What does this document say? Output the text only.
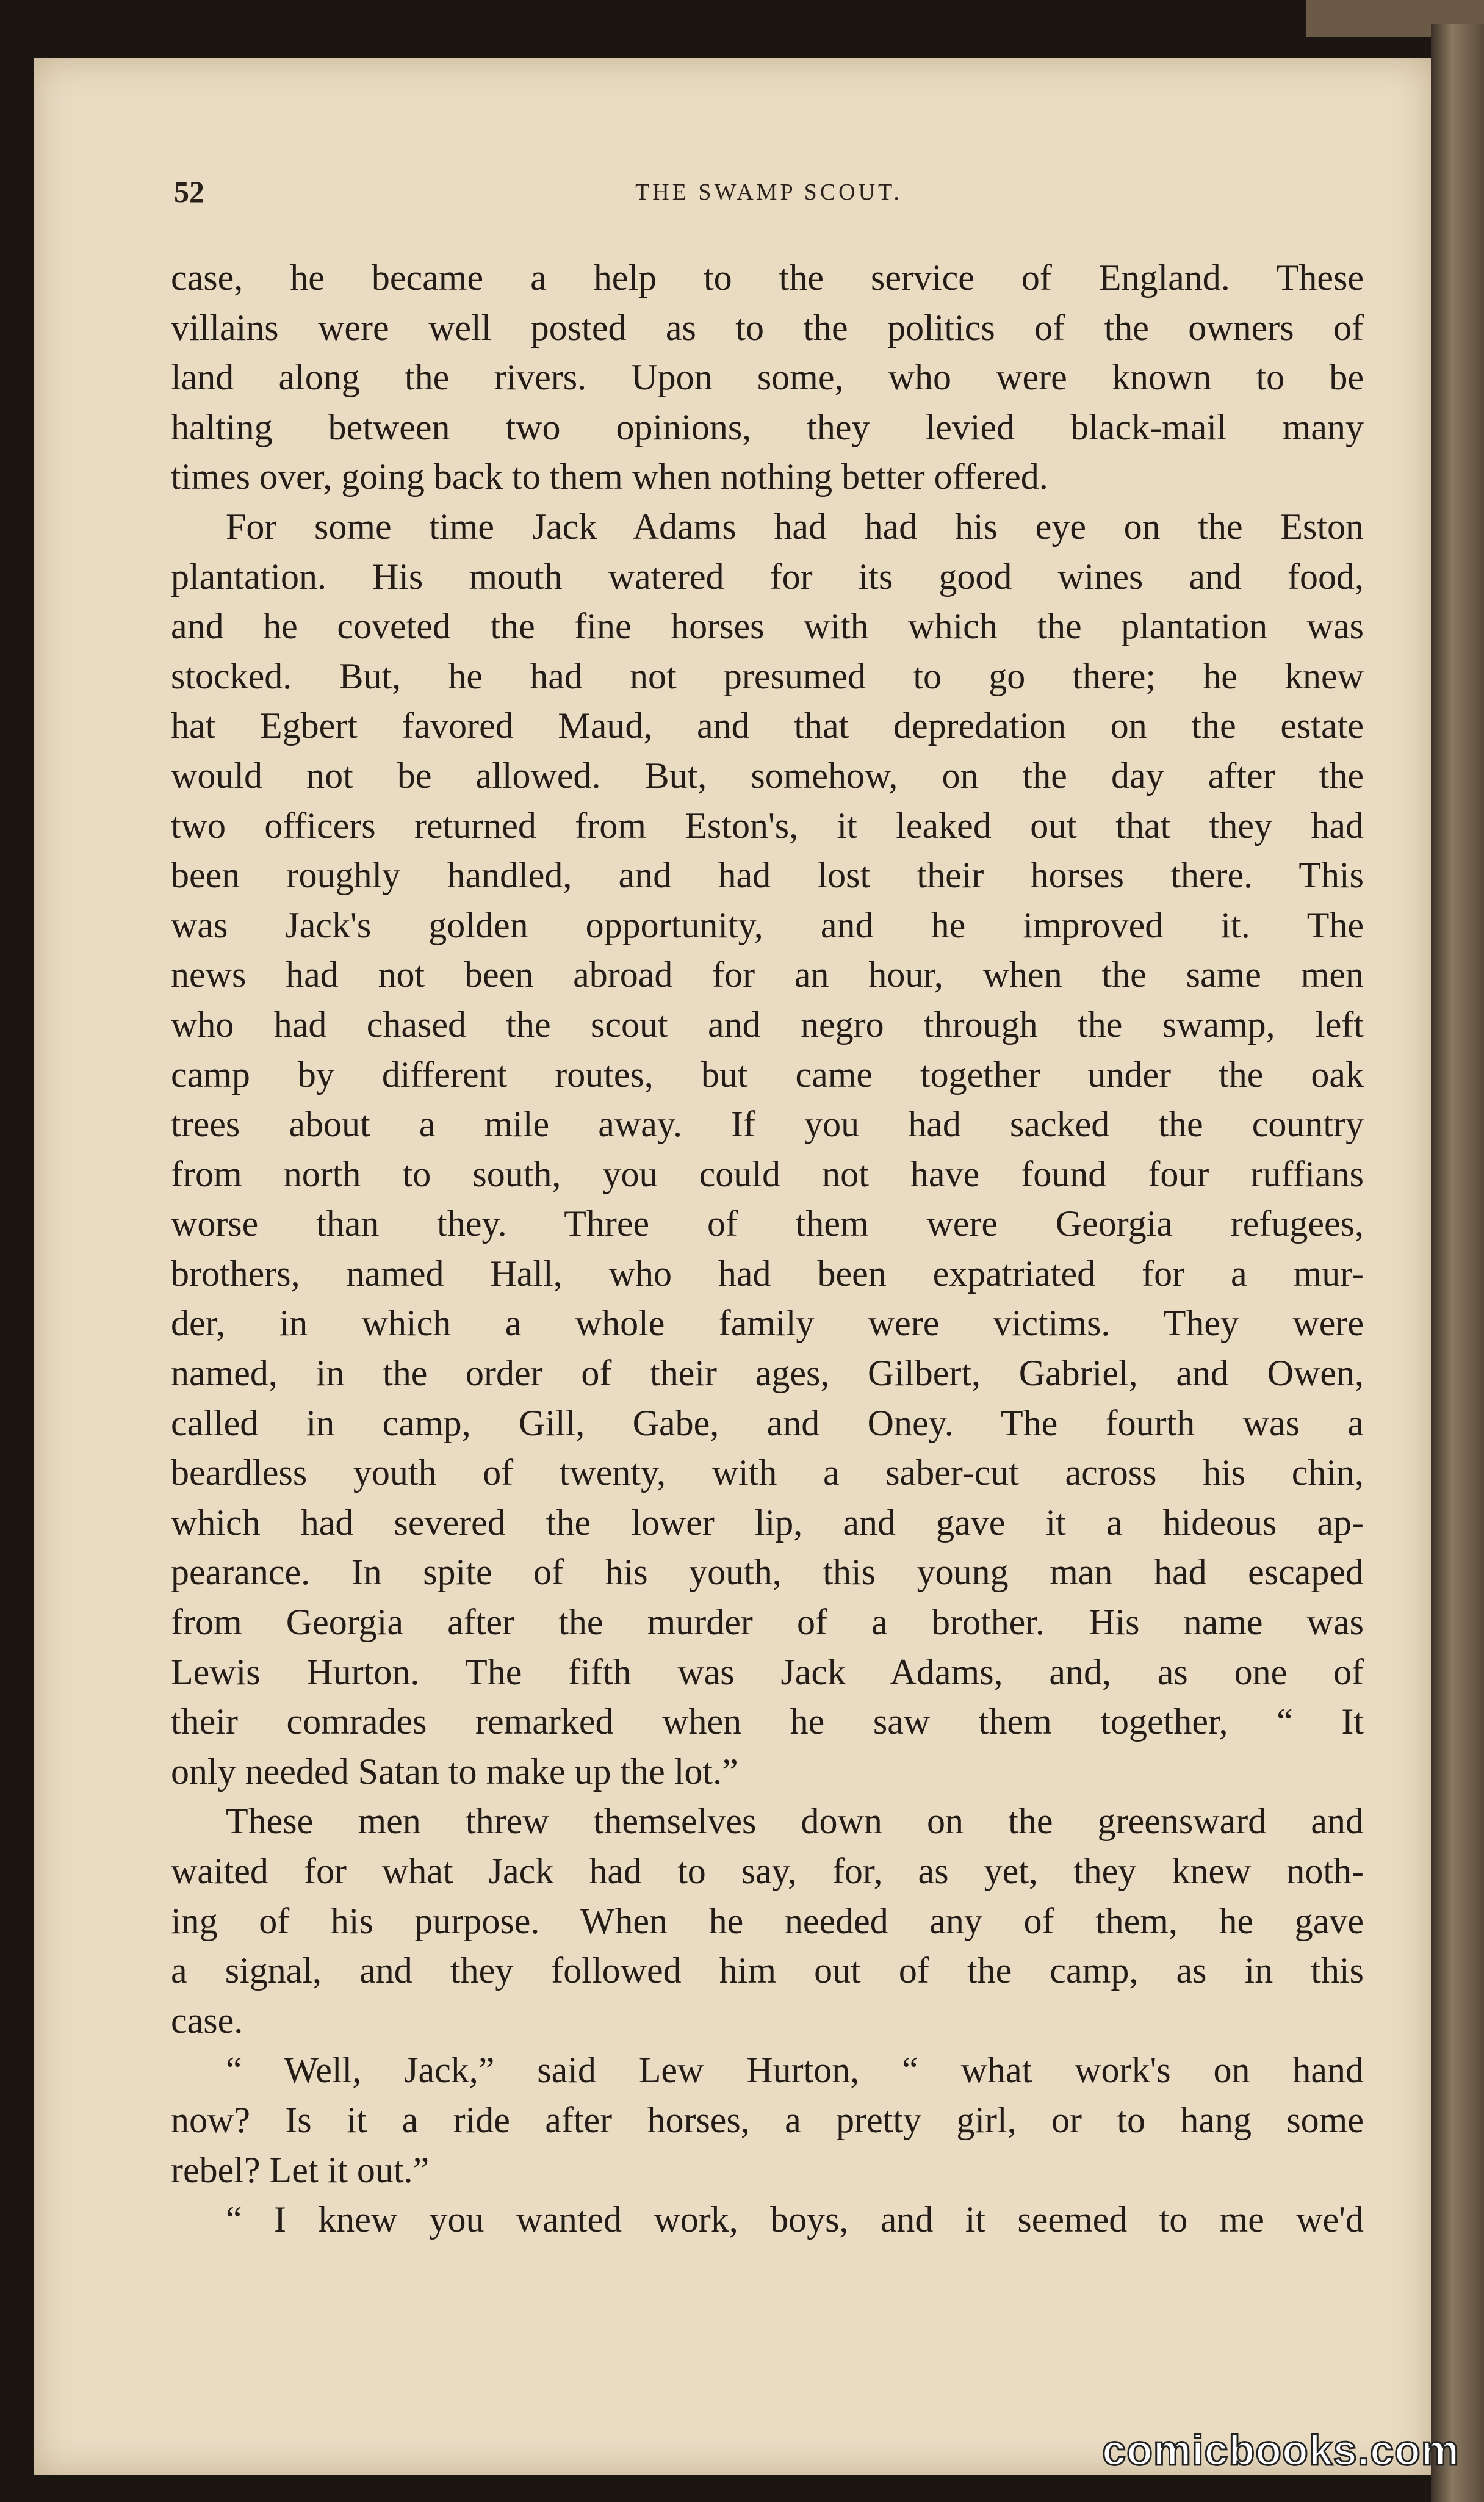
52	THE SWAMP SCOUT.
case, he became a help to the service of England. These
villains were well posted as to the politics of the owners of
land along the rivers. Upon some, who were known to be
halting between two opinions, they levied black-mail many
times over, going back to them when nothing better offered.
For some time Jack Adams had had his eye on the Eston
plantation. His mouth watered for its good wines and food,
and he coveted the fine horses with which the plantation was
stocked. But, he had not presumed to go there; he knew
hat Egbert favored Maud, and that depredation on the estate
would not be allowed. But, somehow, on the day after the
two officers returned from Eston's, it leaked out that they had
been roughly handled, and had lost their horses there. This
was Jack's golden opportunity, and he improved it. The
news had not been abroad for an hour, when the same men
who had chased the scout and negro through the swamp, left
camp by different routes, but came together under the oak
trees about a mile away. If you had sacked the country
from north to south, you could not have found four ruffians
worse than they. Three of them were Georgia refugees,
brothers, named Hall, who had been expatriated for a mur-
der, in which a whole family were victims. They were
named, in the order of their ages, Gilbert, Gabriel, and Owen,
called in camp, Gill, Gabe, and Oney. The fourth was a
beardless youth of twenty, with a saber-cut across his chin,
which had severed the lower lip, and gave it a hideous ap-
pearance. In spite of his youth, this young man had escaped
from Georgia after the murder of a brother. His name was
Lewis Hurton. The fifth was Jack Adams, and, as one of
their comrades remarked when he saw them together, “ It
only needed Satan to make up the lot.”
These men threw themselves down on the greensward and
waited for what Jack had to say, for, as yet, they knew noth-
ing of his purpose. When he needed any of them, he gave
a signal, and they followed him out of the camp, as in this
case.
“ Well, Jack,” said Lew Hurton, “ what work's on hand
now? Is it a ride after horses, a pretty girl, or to hang some
rebel? Let it out.”
“ I knew you wanted work, boys, and it seemed to me we'd
comicbooks.com
